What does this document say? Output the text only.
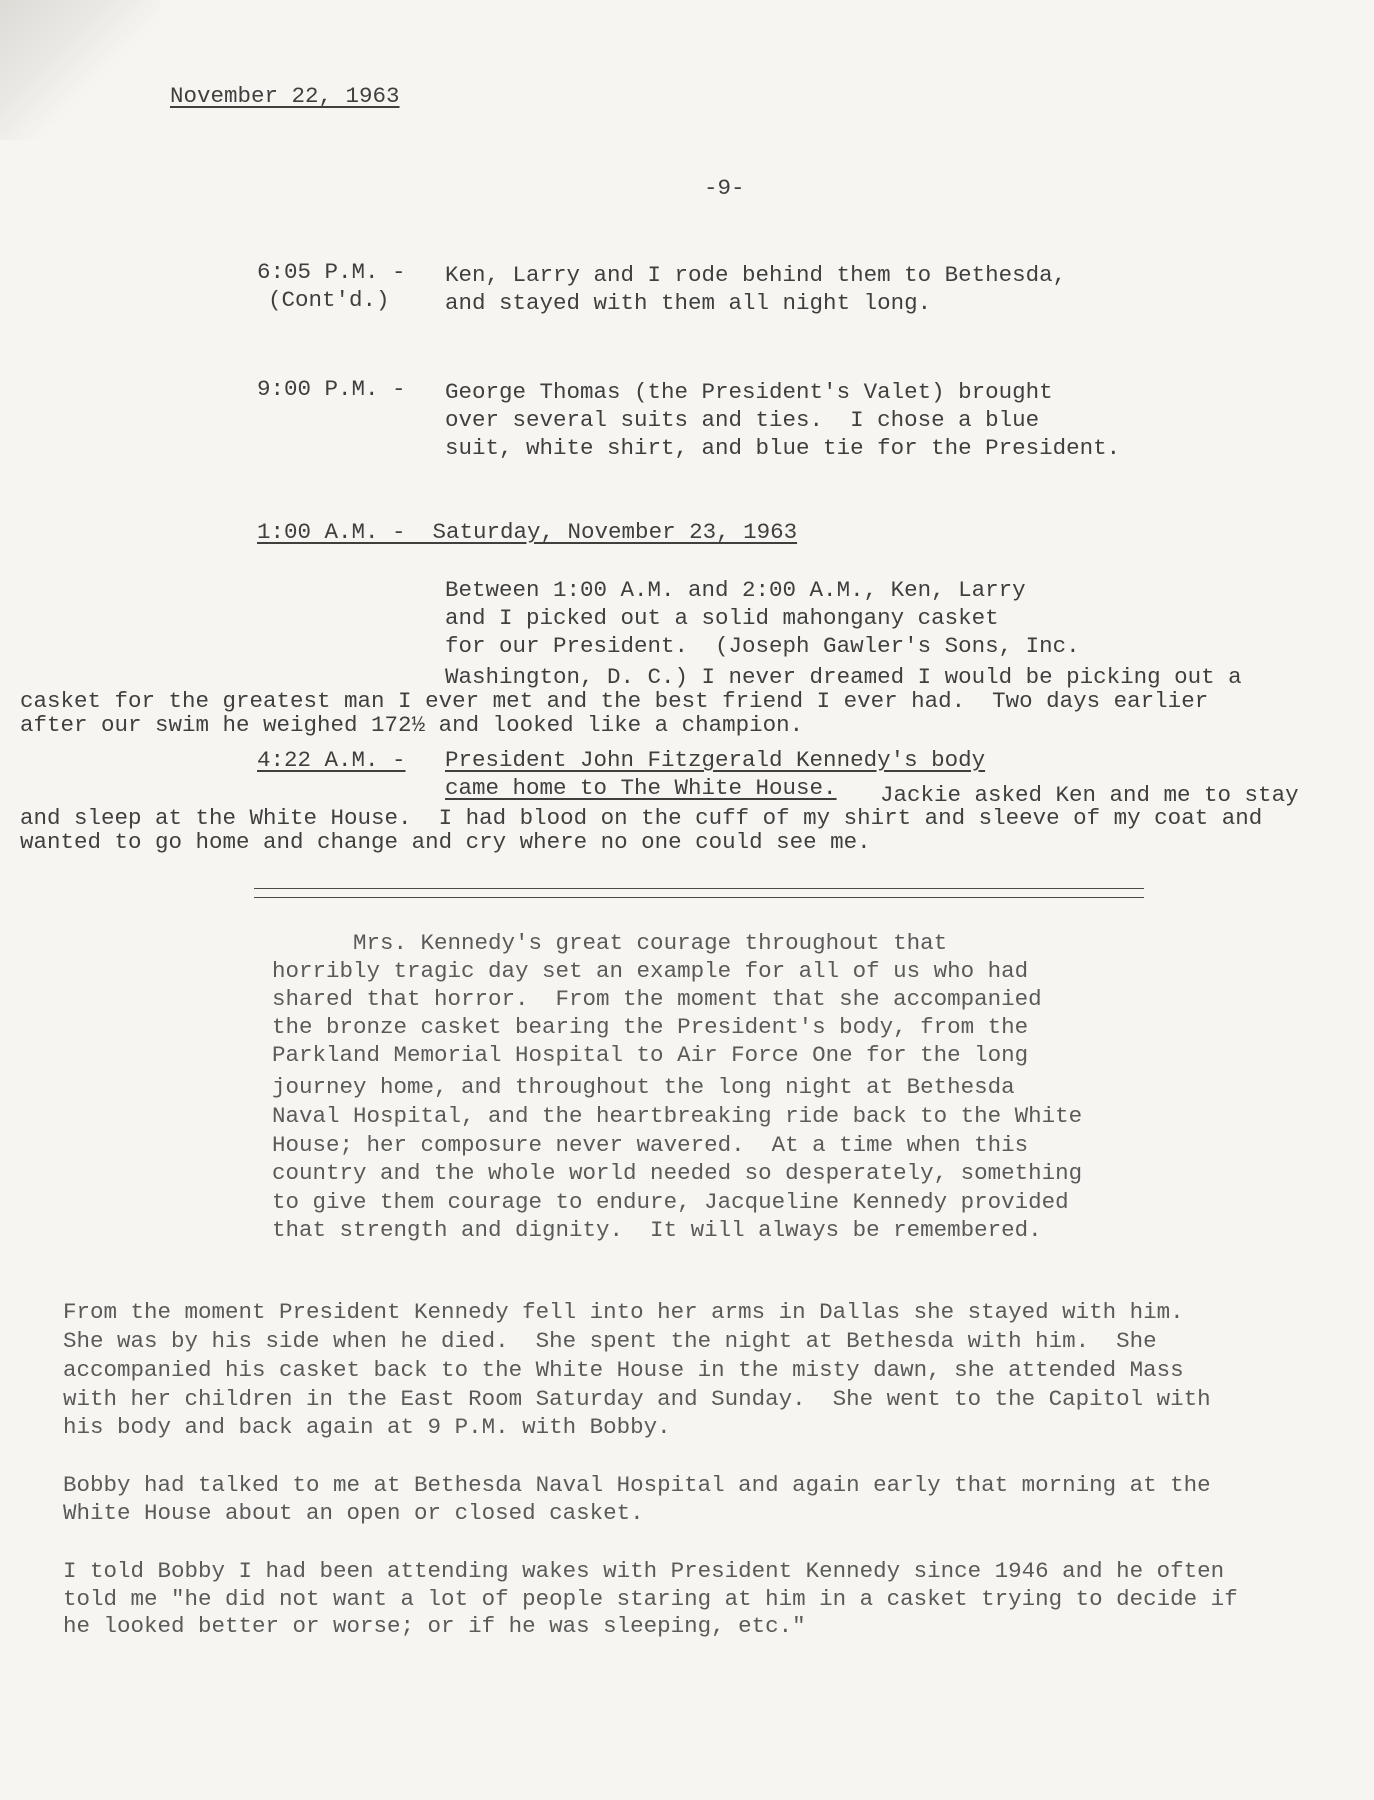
November 22, 1963
-9-
6:05 P.M. -
(Cont'd.)
Ken, Larry and I rode behind them to Bethesda,
and stayed with them all night long.
9:00 P.M. - George Thomas (the President's Valet) brought
over several suits and ties.  I chose a blue
suit, white shirt, and blue tie for the President.
1:00 A.M. -  Saturday, November 23, 1963
Between 1:00 A.M. and 2:00 A.M., Ken, Larry
and I picked out a solid mahongany casket
for our President.  (Joseph Gawler's Sons, Inc.
Washington, D. C.) I never dreamed I would be picking out a
casket for the greatest man I ever met and the best friend I ever had.  Two days earlier
after our swim he weighed 172½ and looked like a champion.
4:22 A.M. - President John Fitzgerald Kennedy's body
came home to The White House. Jackie asked Ken and me to stay
and sleep at the White House.  I had blood on the cuff of my shirt and sleeve of my coat and
wanted to go home and change and cry where no one could see me.
Mrs. Kennedy's great courage throughout that
horribly tragic day set an example for all of us who had
shared that horror.  From the moment that she accompanied
the bronze casket bearing the President's body, from the
Parkland Memorial Hospital to Air Force One for the long
journey home, and throughout the long night at Bethesda
Naval Hospital, and the heartbreaking ride back to the White
House; her composure never wavered.  At a time when this
country and the whole world needed so desperately, something
to give them courage to endure, Jacqueline Kennedy provided
that strength and dignity.  It will always be remembered.
From the moment President Kennedy fell into her arms in Dallas she stayed with him.
She was by his side when he died.  She spent the night at Bethesda with him.  She
accompanied his casket back to the White House in the misty dawn, she attended Mass
with her children in the East Room Saturday and Sunday.  She went to the Capitol with
his body and back again at 9 P.M. with Bobby.
Bobby had talked to me at Bethesda Naval Hospital and again early that morning at the
White House about an open or closed casket.
I told Bobby I had been attending wakes with President Kennedy since 1946 and he often
told me "he did not want a lot of people staring at him in a casket trying to decide if
he looked better or worse; or if he was sleeping, etc."
